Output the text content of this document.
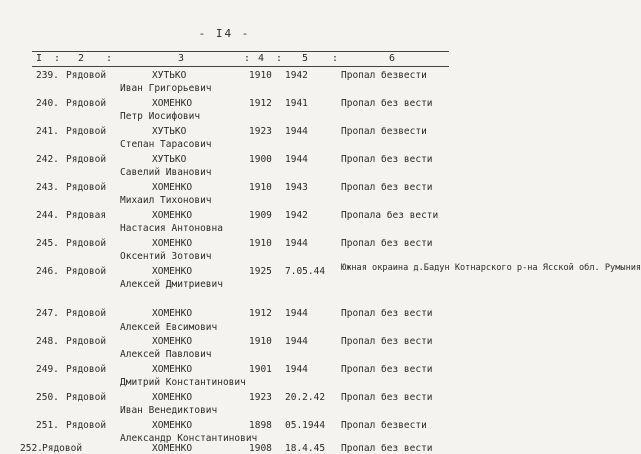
- I4 -
I : 2 :	3	: 4 : 5 :	6
239. Рядовой	ХУТЬКО	1910 1942	Пропал безвести
Иван Григорьевич
240. Рядовой	ХОМЕНКО	1912 1941	Пропал без вести
Петр Иосифович
241. Рядовой	ХУТЬКО	1923 1944	Пропал безвести
Степан Тарасович
242. Рядовой	ХУТЬКО	1900 1944	Пропал без вести
Савелий Иванович
243. Рядовой	ХОМЕНКО	1910 1943	Пропал без вести
Михаил Тихонович
244. Рядовая	ХОМЕНКО	1909 1942	Пропала без вести
Настасия Антоновна
245. Рядовой	ХОМЕНКО	1910 1944	Пропал без вести
Оксентий Зотович
246. Рядовой	ХОМЕНКО	1925 7.05.44 Южная окраина д.Бадун Котнарского р-на Ясской обл. Румыния
Алексей Дмитриевич
247. Рядовой	ХОМЕНКО	1912 1944	Пропал без вести
Алексей Евсимович
248. Рядовой	ХОМЕНКО	1910 1944	Пропал без вести
Алексей Павлович
249. Рядовой	ХОМЕНКО	1901 1944	Пропал без вести
Дмитрий Константинович
250. Рядовой	ХОМЕНКО	1923 20.2.42 Пропал без вести
Иван Венедиктович
251. Рядовой	ХОМЕНКО	1898 05.1944 Пропал безвести
Александр Константинович
252. Рядовой	ХОМЕНКО	1908 18.4.45 Пропал без вести
